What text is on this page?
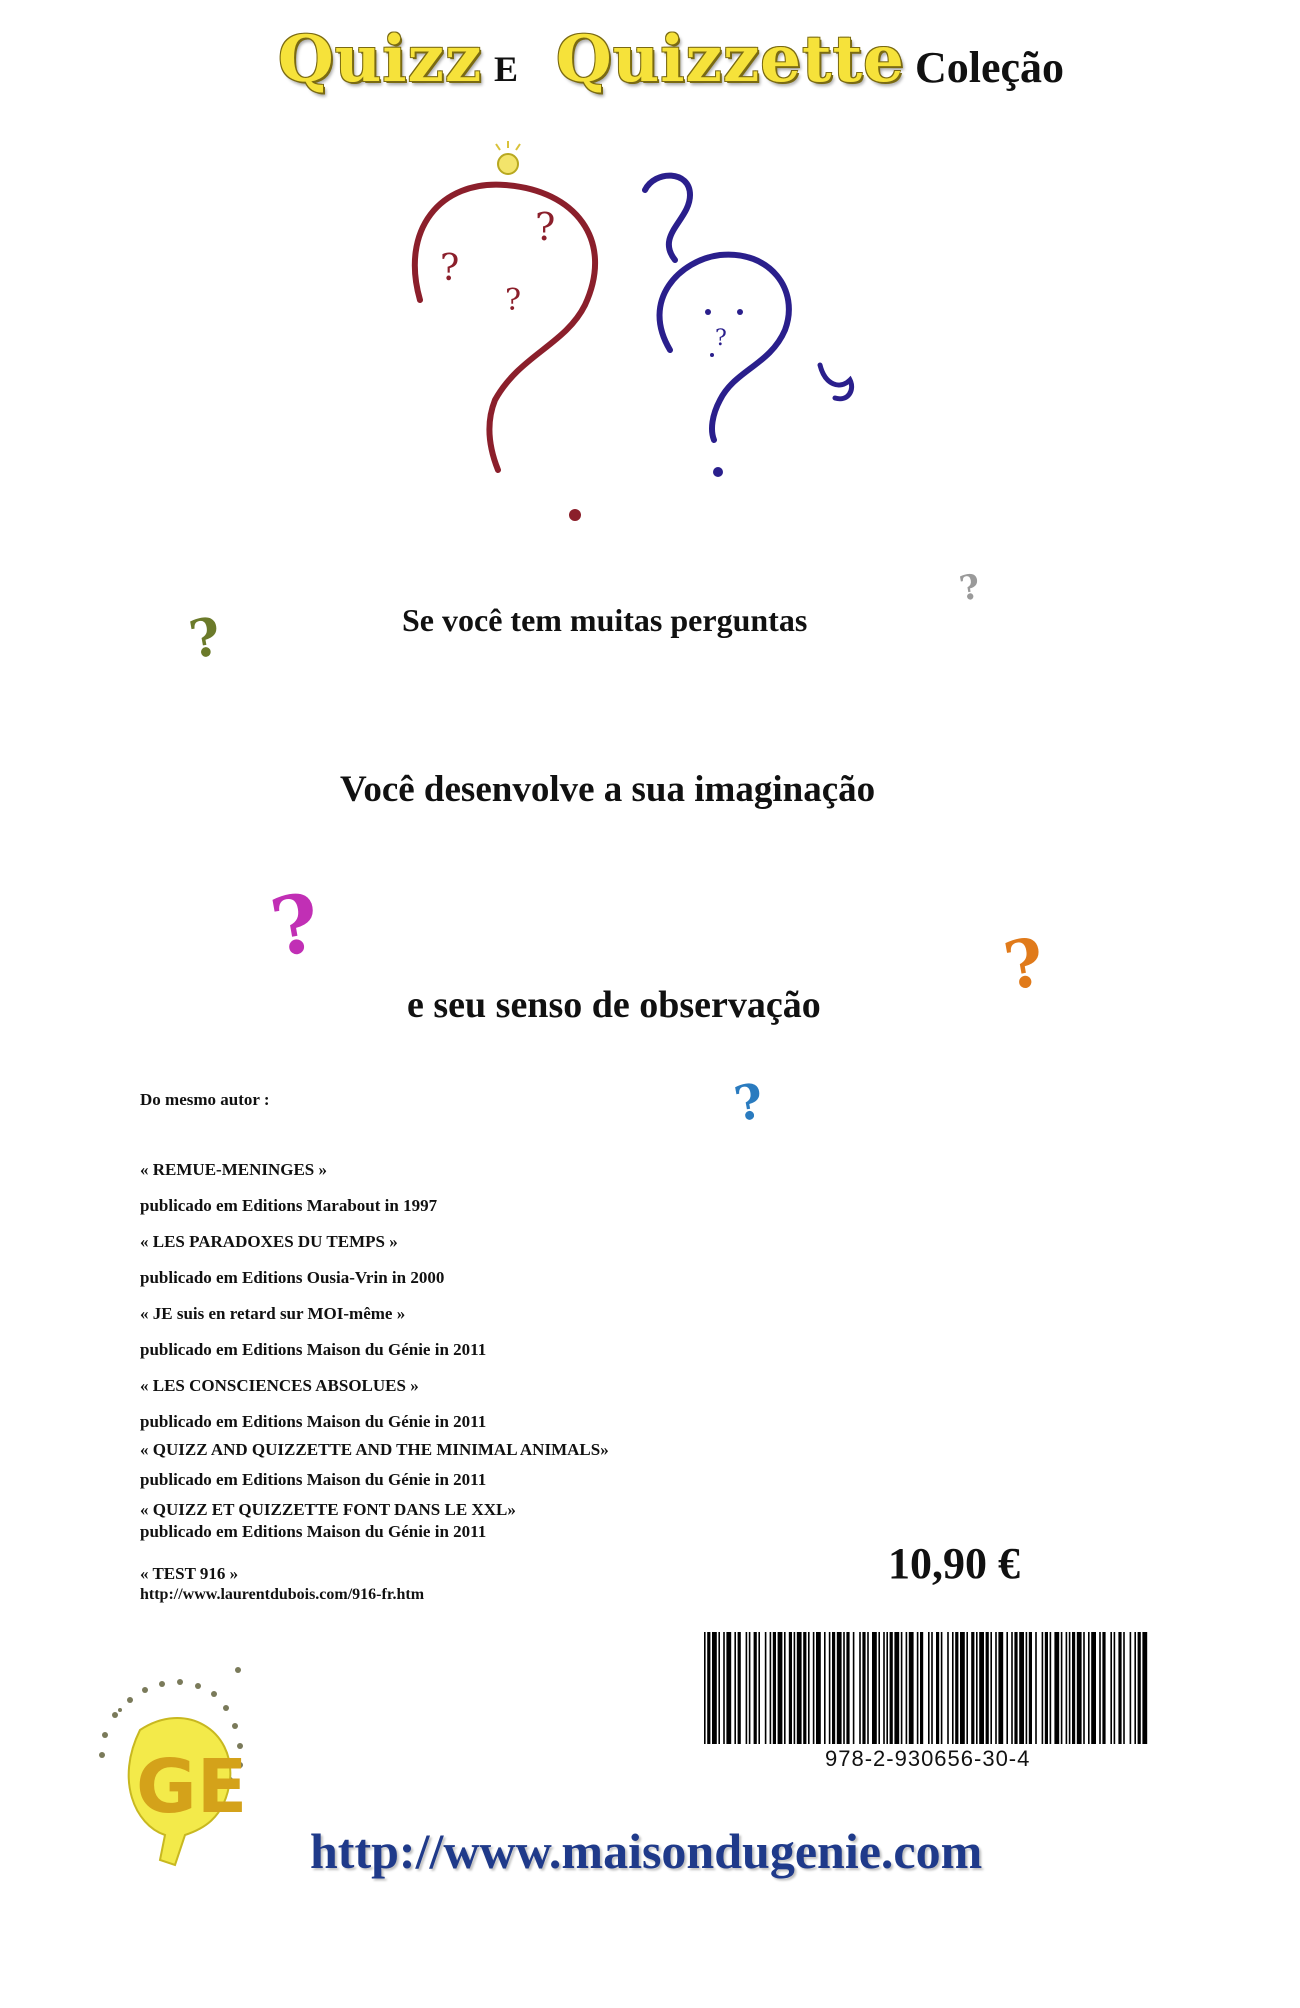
Quizz E Quizzette Coleção
?
?
?
?
?
?
?	?
?
Se você tem muitas perguntas
Você desenvolve a sua imaginação
e seu senso de observação
Do mesmo autor :
« REMUE-MENINGES »
publicado em Editions Marabout in 1997
« LES PARADOXES DU TEMPS »
publicado em Editions Ousia-Vrin in 2000
« JE suis en retard sur MOI-même »
publicado em Editions Maison du Génie in 2011
« LES CONSCIENCES ABSOLUES »
publicado em Editions Maison du Génie in 2011
« QUIZZ AND QUIZZETTE AND THE MINIMAL ANIMALS»
publicado em Editions Maison du Génie in 2011
« QUIZZ ET QUIZZETTE FONT DANS LE XXL»
publicado em Editions Maison du Génie in 2011
« TEST 916 »
http://www.laurentdubois.com/916-fr.htm
10,90 €
978-2-930656-30-4
GE
http://www.maisondugenie.com
